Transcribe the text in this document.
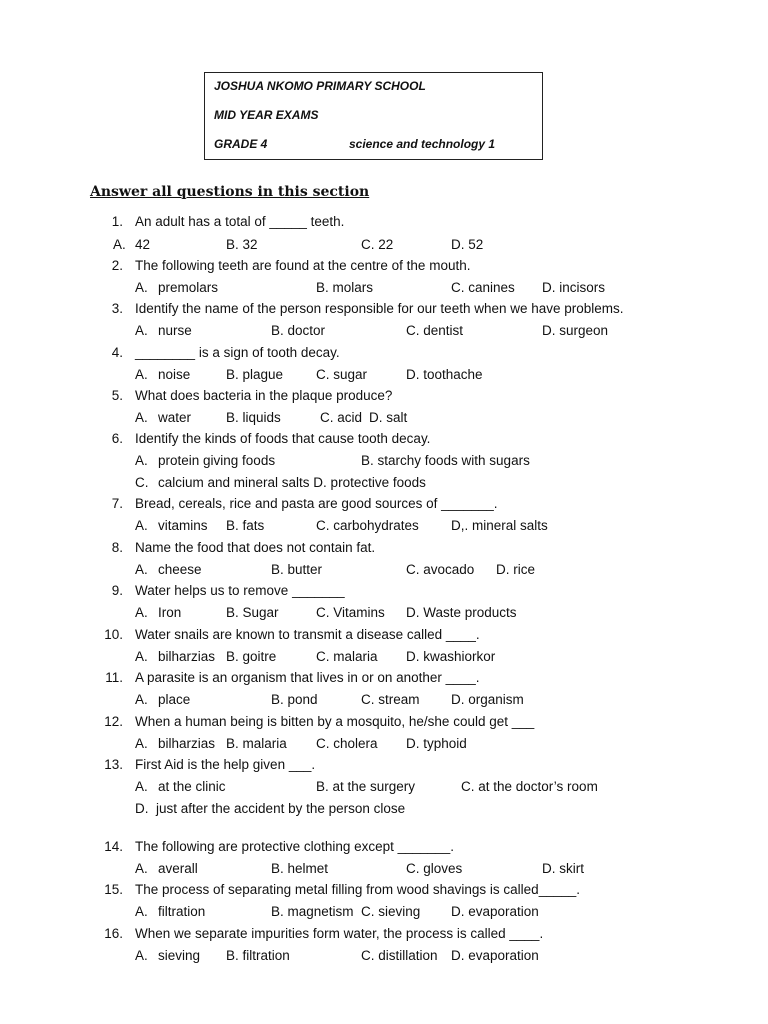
JOSHUA NKOMO PRIMARY SCHOOL
MID YEAR EXAMS
GRADE 4	science and technology 1
Answer all questions in this section
1. An adult has a total of _____ teeth.
A. 42	B. 32	C. 22	D. 52
2. The following teeth are found at the centre of the mouth.
A. premolars	B. molars	C. canines D. incisors
3. Identify the name of the person responsible for our teeth when we have problems.
A. nurse	B. doctor	C. dentist	D. surgeon
4. ________ is a sign of tooth decay.
A. noise	B. plague C. sugar	D. toothache
5. What does bacteria in the plaque produce?
A. water	B. liquids	C. acid D. salt
6. Identify the kinds of foods that cause tooth decay.
A. protein giving foods	B. starchy foods with sugars
C. calcium and mineral salts D. protective foods
7. Bread, cereals, rice and pasta are good sources of _______.
A. vitamins B. fats	C. carbohydrates D,. mineral salts
8. Name the food that does not contain fat.
A. cheese	B. butter	C. avocado D. rice
9. Water helps us to remove _______
A. Iron	B. Sugar	C. Vitamins D. Waste products
10. Water snails are known to transmit a disease called ____.
A. bilharzias B. goitre	C. malaria D. kwashiorkor
11. A parasite is an organism that lives in or on another ____.
A. place	B. pond	C. stream D. organism
12. When a human being is bitten by a mosquito, he/she could get ___
A. bilharzias B. malaria C. cholera D. typhoid
13. First Aid is the help given ___.
A. at the clinic	B. at the surgery	C. at the doctor’s room
D. just after the accident by the person close
14. The following are protective clothing except _______.
A. averall	B. helmet	C. gloves	D. skirt
15. The process of separating metal filling from wood shavings is called_____.
A. filtration	B. magnetism C. sieving D. evaporation
16. When we separate impurities form water, the process is called ____.
A. sieving B. filtration	C. distillation D. evaporation
